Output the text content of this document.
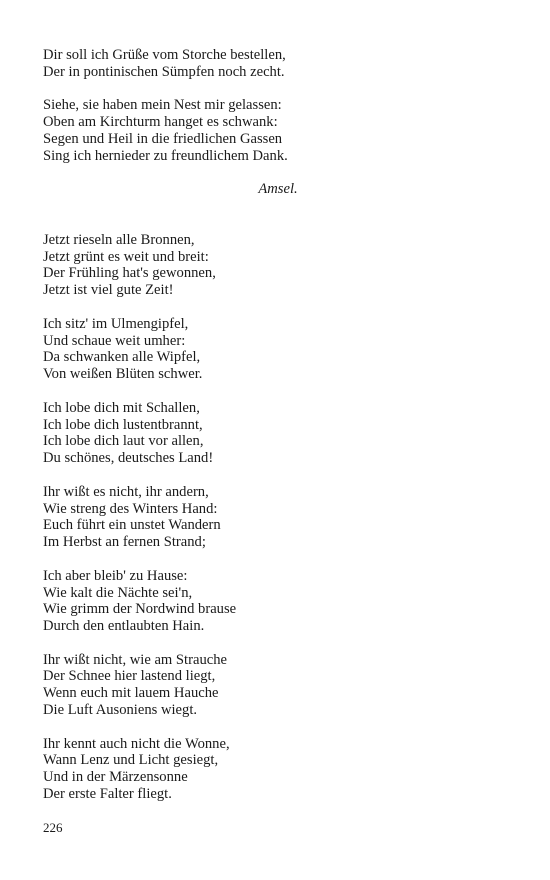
Dir soll ich Grüße vom Storche bestellen,
Der in pontinischen Sümpfen noch zecht.
Siehe, sie haben mein Nest mir gelassen:
Oben am Kirchturm hanget es schwank:
Segen und Heil in die friedlichen Gassen
Sing ich hernieder zu freundlichem Dank.
Amsel.
Jetzt rieseln alle Bronnen,
Jetzt grünt es weit und breit:
Der Frühling hat's gewonnen,
Jetzt ist viel gute Zeit!
Ich sitz' im Ulmengipfel,
Und schaue weit umher:
Da schwanken alle Wipfel,
Von weißen Blüten schwer.
Ich lobe dich mit Schallen,
Ich lobe dich lustentbrannt,
Ich lobe dich laut vor allen,
Du schönes, deutsches Land!
Ihr wißt es nicht, ihr andern,
Wie streng des Winters Hand:
Euch führt ein unstet Wandern
Im Herbst an fernen Strand;
Ich aber bleib' zu Hause:
Wie kalt die Nächte sei'n,
Wie grimm der Nordwind brause
Durch den entlaubten Hain.
Ihr wißt nicht, wie am Strauche
Der Schnee hier lastend liegt,
Wenn euch mit lauem Hauche
Die Luft Ausoniens wiegt.
Ihr kennt auch nicht die Wonne,
Wann Lenz und Licht gesiegt,
Und in der Märzensonne
Der erste Falter fliegt.
226
